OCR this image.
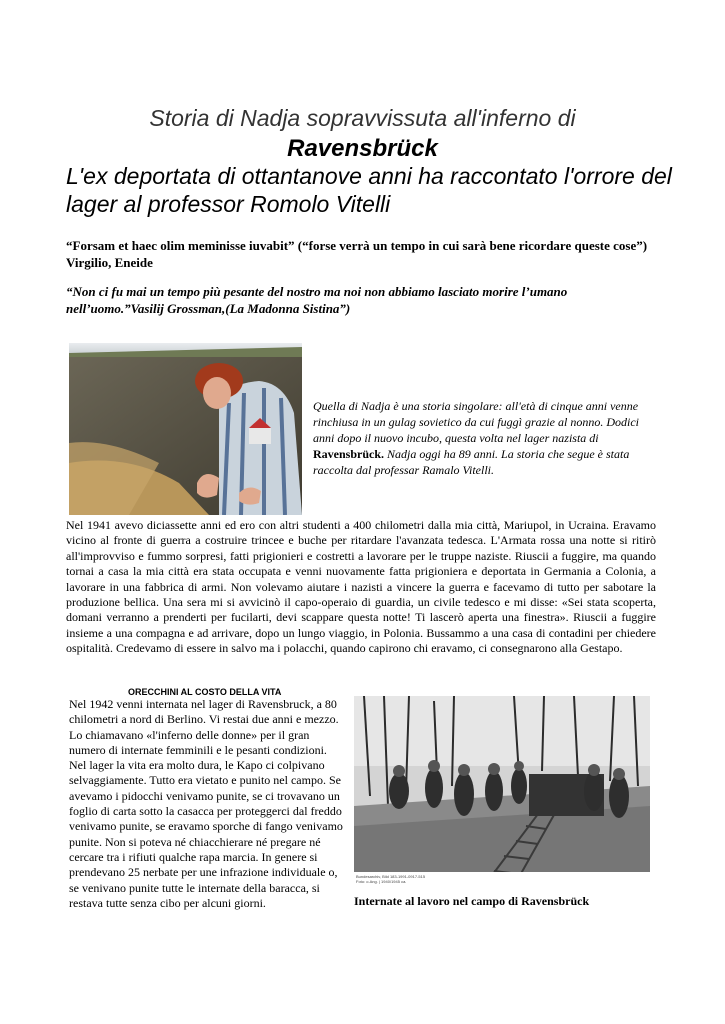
Storia di Nadja sopravvissuta all'inferno di
Ravensbrück
L'ex deportata di ottantanove anni ha raccontato l'orrore del lager al professor Romolo Vitelli
“Forsam et haec olim meminisse iuvabit” (“forse verrà un tempo in cui sarà bene ricordare queste cose”) Virgilio, Eneide
“Non ci fu mai un tempo più pesante del nostro ma noi non abbiamo lasciato morire l’umano nell’uomo.”Vasilij Grossman,(La Madonna Sistina”)
Quella di Nadja è una storia singolare: all'età di cinque anni venne rinchiusa in un gulag sovietico da cui fuggì grazie al nonno. Dodici anni dopo il nuovo incubo, questa volta nel lager nazista di Ravensbrück. Nadja oggi ha 89 anni. La storia che segue è stata raccolta dal professar Ramalo Vitelli.
Nel 1941 avevo diciassette anni ed ero con altri studenti a 400 chilometri dalla mia città, Mariupol, in Ucraina. Eravamo vicino al fronte di guerra a costruire trincee e buche per ritardare l'avanzata tedesca. L'Armata rossa una notte si ritirò all'improvviso e fummo sorpresi, fatti prigionieri e costretti a lavorare per le truppe naziste. Riuscii a fuggire, ma quando tornai a casa la mia città era stata occupata e venni nuovamente fatta prigioniera e deportata in Germania a Colonia, a lavorare in una fabbrica di armi. Non volevamo aiutare i nazisti a vincere la guerra e facevamo di tutto per sabotare la produzione bellica. Una sera mi si avvicinò il capo-operaio di guardia, un civile tedesco e mi disse: «Sei stata scoperta, domani verranno a prenderti per fucilarti, devi scappare questa notte! Ti lascerò aperta una finestra». Riuscii a fuggire insieme a una compagna e ad arrivare, dopo un lungo viaggio, in Polonia. Bussammo a una casa di contadini per chiedere ospitalità. Credevamo di essere in salvo ma i polacchi, quando capirono chi eravamo, ci consegnarono alla Gestapo.
ORECCHINI AL COSTO DELLA VITA
Nel 1942 venni internata nel lager di Ravensbruck, a 80 chilometri a nord di Berlino. Vi restai due anni e mezzo. Lo chiamavano «l'inferno delle donne» per il gran numero di internate femminili e le pesanti condizioni. Nel lager la vita era molto dura, le Kapo ci colpivano selvaggiamente. Tutto era vietato e punito nel campo. Se avevamo i pidocchi venivamo punite, se ci trovavano un foglio di carta sotto la casacca per proteggerci dal freddo venivamo punite, se eravamo sporche di fango venivamo punite. Non si poteva né chiacchierare né pregare né cercare tra i rifiuti qualche rapa marcia. In genere si prendevano 25 nerbate per une infrazione individuale o, se venivano punite tutte le internate della baracca, si restava tutte senza cibo per alcuni giorni.
Bundesarchiv, Bild 183-1991-0917-515
Foto: o.Ang. | 1940/1945 ca.
Internate al lavoro nel campo di Ravensbrück
